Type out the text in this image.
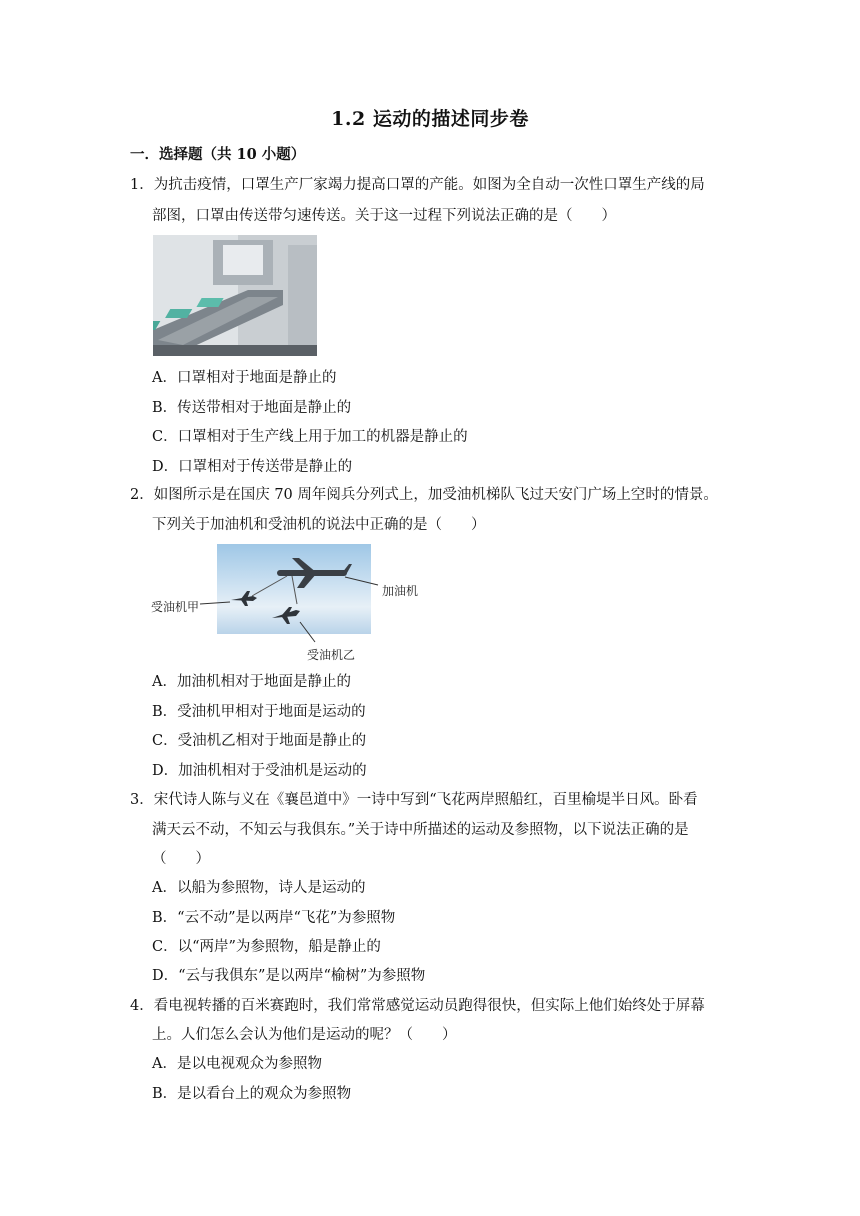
1.2 运动的描述同步卷
一．选择题（共 10 小题）
1．为抗击疫情，口罩生产厂家竭力提高口罩的产能。如图为全自动一次性口罩生产线的局
部图，口罩由传送带匀速传送。关于这一过程下列说法正确的是（　　）
A．口罩相对于地面是静止的
B．传送带相对于地面是静止的
C．口罩相对于生产线上用于加工的机器是静止的
D．口罩相对于传送带是静止的
2．如图所示是在国庆 70 周年阅兵分列式上，加受油机梯队飞过天安门广场上空时的情景。
下列关于加油机和受油机的说法中正确的是（　　）
加油机
受油机甲
受油机乙
A．加油机相对于地面是静止的
B．受油机甲相对于地面是运动的
C．受油机乙相对于地面是静止的
D．加油机相对于受油机是运动的
3．宋代诗人陈与义在《襄邑道中》一诗中写到“飞花两岸照船红，百里榆堤半日风。卧看
满天云不动，不知云与我俱东。”关于诗中所描述的运动及参照物，以下说法正确的是
（　　）
A．以船为参照物，诗人是运动的
B．“云不动”是以两岸“飞花”为参照物
C．以“两岸”为参照物，船是静止的
D．“云与我俱东”是以两岸“榆树”为参照物
4．看电视转播的百米赛跑时，我们常常感觉运动员跑得很快，但实际上他们始终处于屏幕
上。人们怎么会认为他们是运动的呢？（　　）
A．是以电视观众为参照物
B．是以看台上的观众为参照物
